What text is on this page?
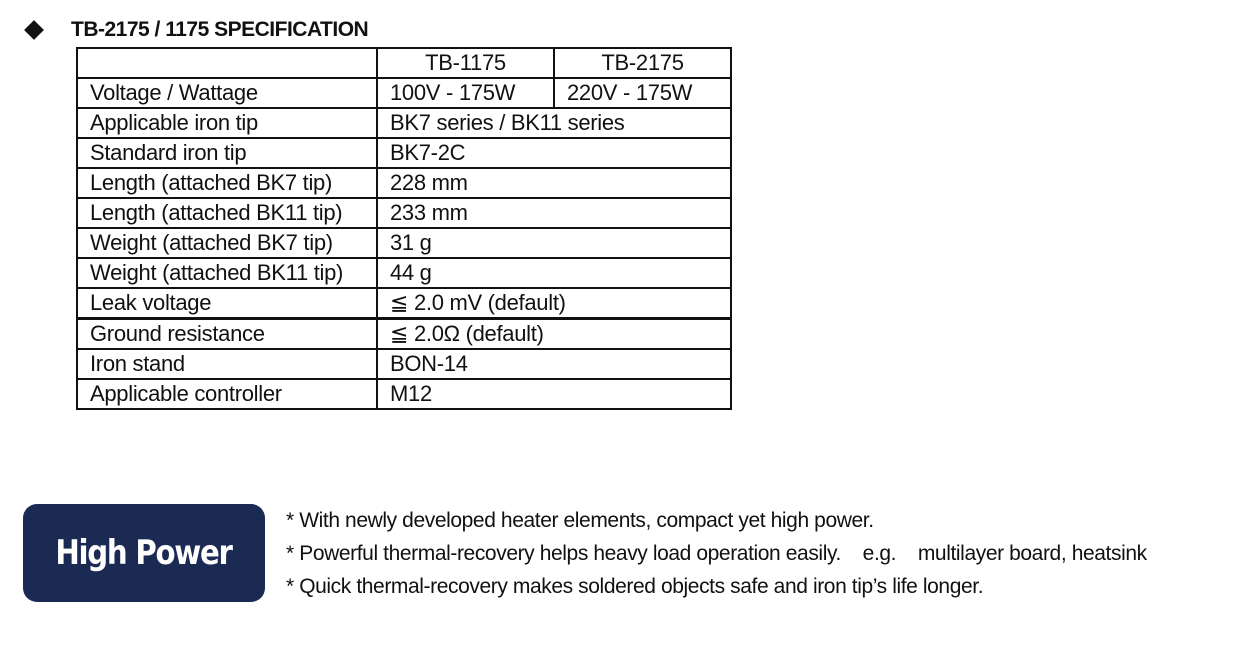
TB-2175 / 1175 SPECIFICATION
	TB-1175	TB-2175
Voltage / Wattage	100V - 175W	220V - 175W
Applicable iron tip	BK7 series / BK11 series	
Standard iron tip	BK7-2C	
Length (attached BK7 tip)	228 mm	
Length (attached BK11 tip)	233 mm	
Weight (attached BK7 tip)	31 g	
Weight (attached BK11 tip)	44 g	
Leak voltage	≦ 2.0 mV (default)	
Ground resistance	≦ 2.0Ω (default)	
Iron stand	BON-14	
Applicable controller	M12	
High Power
* With newly developed heater elements, compact yet high power.
* Powerful thermal-recovery helps heavy load operation easily.    e.g.    multilayer board, heatsink
* Quick thermal-recovery makes soldered objects safe and iron tip’s life longer.
